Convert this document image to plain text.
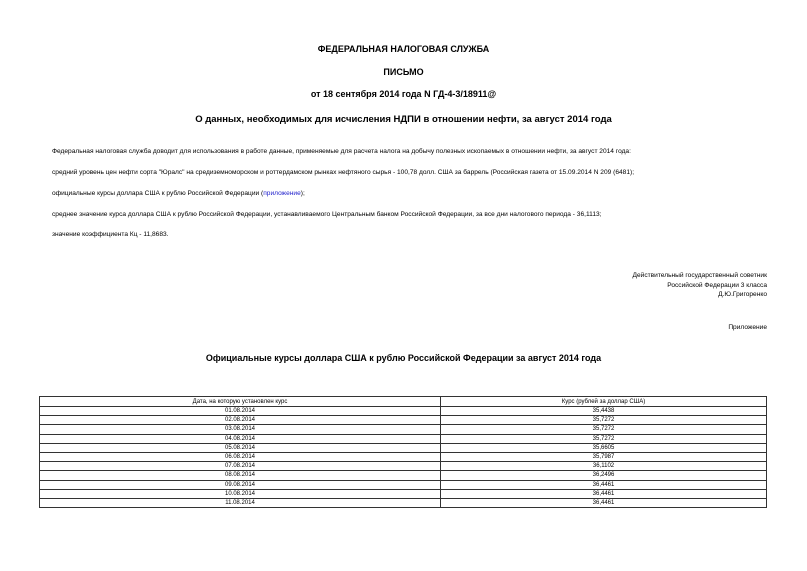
ФЕДЕРАЛЬНАЯ НАЛОГОВАЯ СЛУЖБА
ПИСЬМО
от 18 сентября 2014 года N ГД-4-3/18911@
О данных, необходимых для исчисления НДПИ в отношении нефти, за август 2014 года
Федеральная налоговая служба доводит для использования в работе данные, применяемые для расчета налога на добычу полезных ископаемых в отношении нефти, за август 2014 года:
средний уровень цен нефти сорта "Юралс" на средиземноморском и роттердамском рынках нефтяного сырья - 100,78 долл. США за баррель (Российская газета от 15.09.2014 N 209 (6481);
официальные курсы доллара США к рублю Российской Федерации (приложение);
среднее значение курса доллара США к рублю Российской Федерации, устанавливаемого Центральным банком Российской Федерации, за все дни налогового периода - 36,1113;
значение коэффициента Кц - 11,8683.
Действительный государственный советник
Российской Федерации 3 класса
Д.Ю.Григоренко
Приложение
Официальные курсы доллара США к рублю Российской Федерации за август 2014 года
Дата, на которую установлен курс	Курс (рублей за доллар США)
01.08.2014	35,4438
02.08.2014	35,7272
03.08.2014	35,7272
04.08.2014	35,7272
05.08.2014	35,6605
06.08.2014	35,7987
07.08.2014	36,1102
08.08.2014	36,2496
09.08.2014	36,4461
10.08.2014	36,4461
11.08.2014	36,4461
